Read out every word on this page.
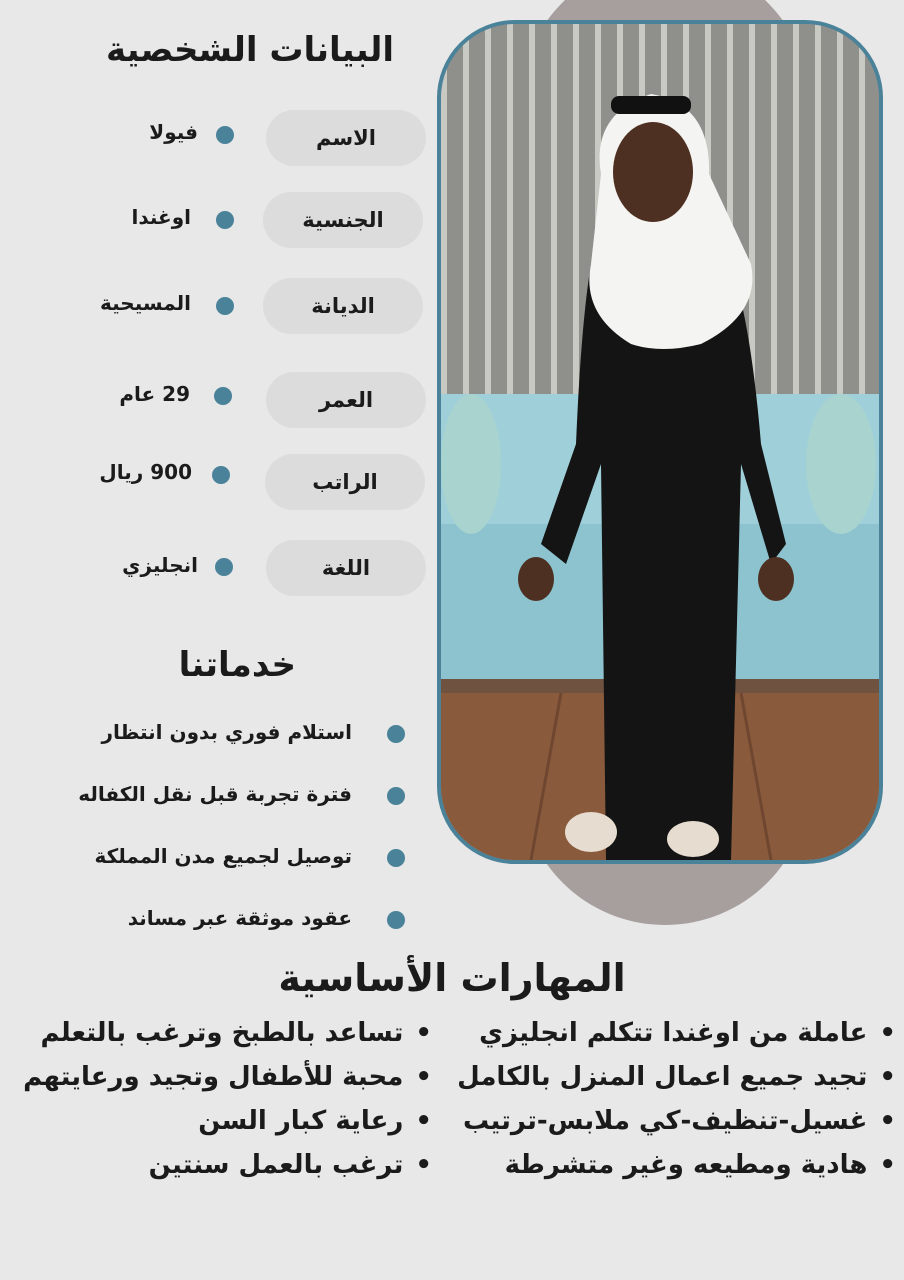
البيانات الشخصية
الاسم
فيولا
الجنسية
اوغندا
الديانة
المسيحية
العمر
29 عام
الراتب
900 ريال
اللغة
انجليزي
خدماتنا
استلام فوري بدون انتظار
فترة تجربة قبل نقل الكفاله
توصيل لجميع مدن المملكة
عقود موثقة عبر مساند
المهارات الأساسية
•عاملة من اوغندا تتكلم انجليزي
•تجيد جميع اعمال المنزل بالكامل
•غسيل-تنظيف-كي ملابس-ترتيب
•هادية ومطيعه وغير متشرطة
•تساعد بالطبخ وترغب بالتعلم
•محبة للأطفال وتجيد ورعايتهم
•رعاية كبار السن
•ترغب بالعمل سنتين
